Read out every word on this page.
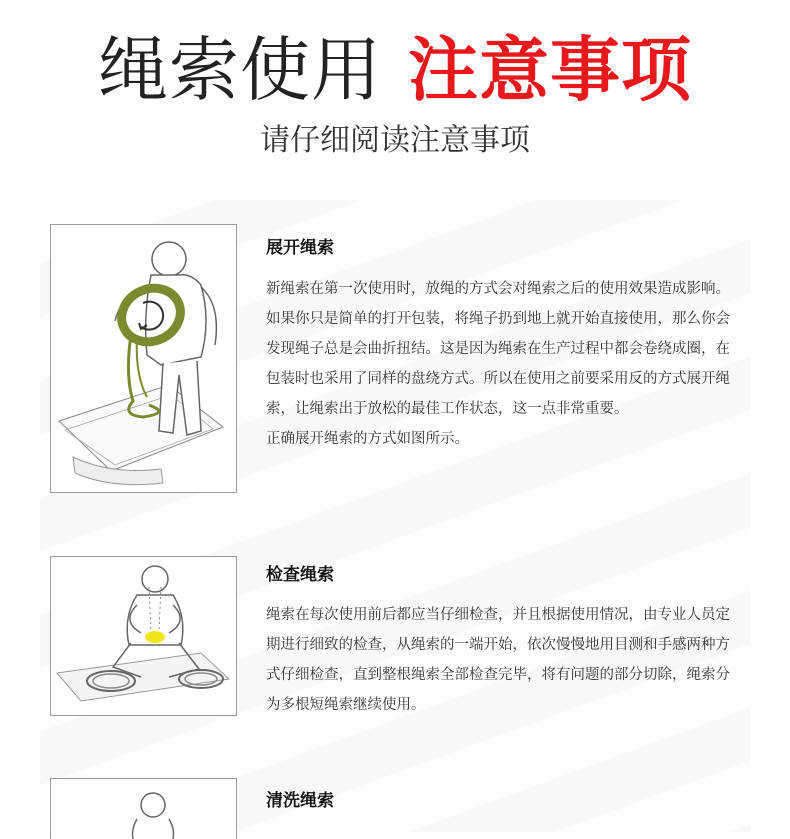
绳索使用 注意事项
请仔细阅读注意事项
展开绳索

新绳索在第一次使用时，放绳的方式会对绳索之后的使用效果造成影响。如果你只是简单的打开包装，将绳子扔到地上就开始直接使用，那么你会发现绳子总是会曲折扭结。这是因为绳索在生产过程中都会卷绕成圈，在包装时也采用了同样的盘绕方式。所以在使用之前要采用反的方式展开绳索，让绳索出于放松的最佳工作状态，这一点非常重要。

正确展开绳索的方式如图所示。

检查绳索

绳索在每次使用前后都应当仔细检查，并且根据使用情况，由专业人员定期进行细致的检查，从绳索的一端开始，依次慢慢地用目测和手感两种方式仔细检查，直到整根绳索全部检查完毕，将有问题的部分切除，绳索分为多根短绳索继续使用。

清洗绳索
